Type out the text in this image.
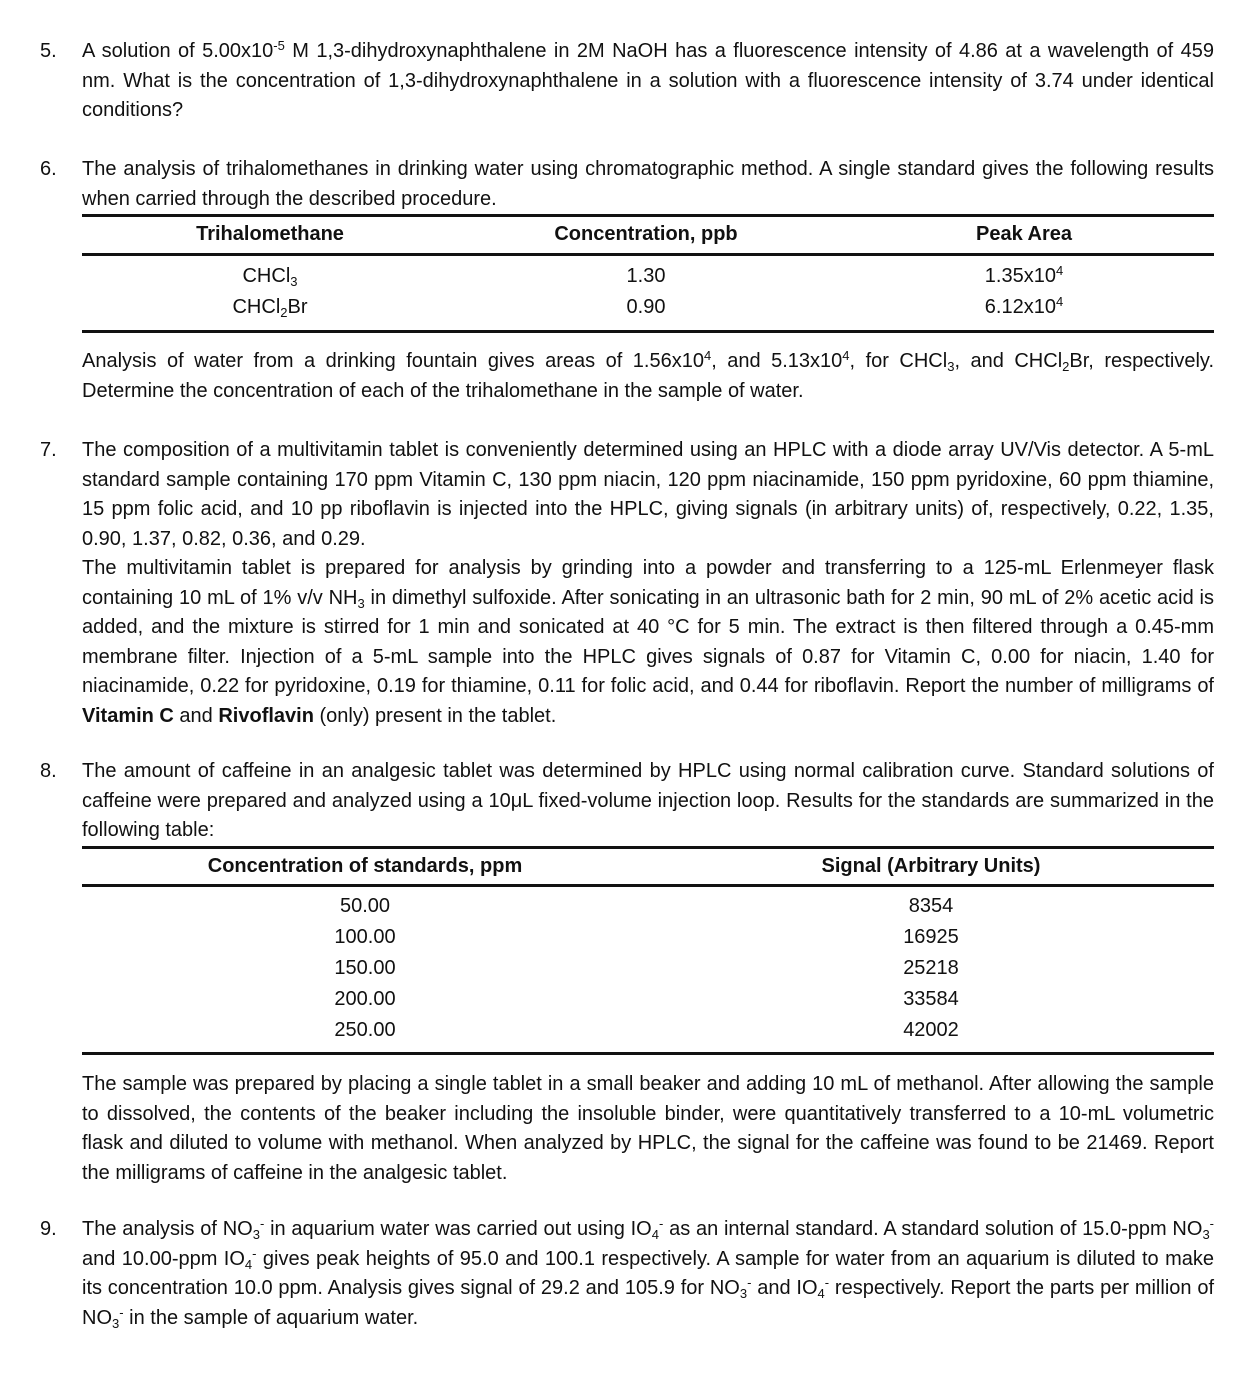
5.	A solution of $5.00x10^{-5}$ M 1,3-dihydroxynaphthalene in 2M NaOH has a fluorescence intensity of 4.86 at a wavelength of 459 nm. What is the concentration of 1,3-dihydroxynaphthalene in a solution with a fluorescence intensity of 3.74 under identical conditions?
6.	The analysis of trihalomethanes in drinking water using chromatographic method. A single standard gives the following results when carried through the described procedure.
Trihalomethane	Concentration, ppb	Peak Area
CHCl$_3$	1.30	$1.35x10^4$
CHCl$_2$Br	0.90	$6.12x10^4$
Analysis of water from a drinking fountain gives areas of $1.56x10^4$, and $5.13x10^4$, for CHCl$_3$, and CHCl$_2$Br, respectively. Determine the concentration of each of the trihalomethane in the sample of water.
7.	The composition of a multivitamin tablet is conveniently determined using an HPLC with a diode array UV/Vis detector. A 5-mL standard sample containing 170 ppm Vitamin C, 130 ppm niacin, 120 ppm niacinamide, 150 ppm pyridoxine, 60 ppm thiamine, 15 ppm folic acid, and 10 pp riboflavin is injected into the HPLC, giving signals (in arbitrary units) of, respectively, 0.22, 1.35, 0.90, 1.37, 0.82, 0.36, and 0.29.

The multivitamin tablet is prepared for analysis by grinding into a powder and transferring to a 125-mL Erlenmeyer flask containing 10 mL of 1% v/v $NH_3$ in dimethyl sulfoxide. After sonicating in an ultrasonic bath for 2 min, 90 mL of 2% acetic acid is added, and the mixture is stirred for 1 min and sonicated at 40 °C for 5 min. The extract is then filtered through a 0.45-mm membrane filter. Injection of a 5-mL sample into the HPLC gives signals of 0.87 for Vitamin C, 0.00 for niacin, 1.40 for niacinamide, 0.22 for pyridoxine, 0.19 for thiamine, 0.11 for folic acid, and 0.44 for riboflavin. Report the number of milligrams of Vitamin C and Rivoflavin (only) present in the tablet.

8.	The amount of caffeine in an analgesic tablet was determined by HPLC using normal calibration curve. Standard solutions of caffeine were prepared and analyzed using a 10μL fixed-volume injection loop. Results for the standards are summarized in the following table:
Concentration of standards, ppm	Signal (Arbitrary Units)
50.00	8354
100.00	16925
150.00	25218
200.00	33584
250.00	42002
The sample was prepared by placing a single tablet in a small beaker and adding 10 mL of methanol. After allowing the sample to dissolved, the contents of the beaker including the insoluble binder, were quantitatively transferred to a 10-mL volumetric flask and diluted to volume with methanol. When analyzed by HPLC, the signal for the caffeine was found to be 21469. Report the milligrams of caffeine in the analgesic tablet.
9.	The analysis of $NO_3^-$ in aquarium water was carried out using $IO_4^-$ as an internal standard. A standard solution of 15.0-ppm $NO_3^-$ and 10.00-ppm $IO_4^-$ gives peak heights of 95.0 and 100.1 respectively. A sample for water from an aquarium is diluted to make its concentration 10.0 ppm. Analysis gives signal of 29.2 and 105.9 for $NO_3^-$ and $IO_4^-$ respectively. Report the parts per million of $NO_3^-$ in the sample of aquarium water.
